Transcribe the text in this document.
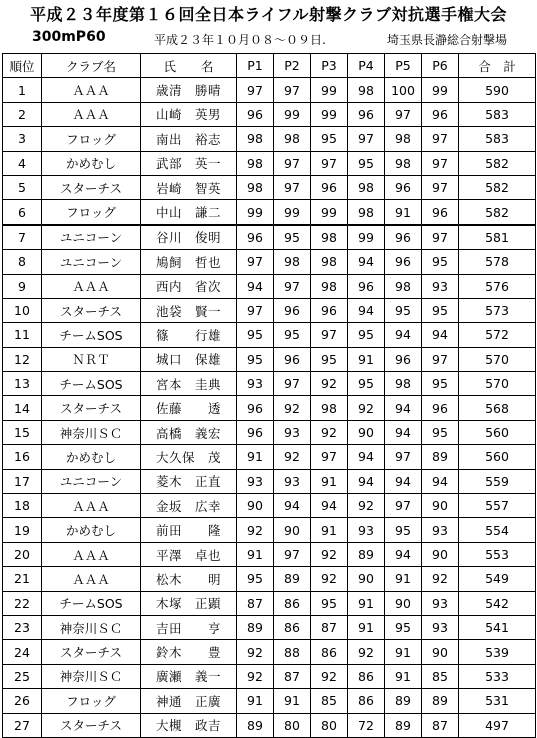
平成２３年度第１６回全日本ライフル射撃クラブ対抗選手権大会
300mP60	平成２３年１０月０８～０９日.	埼玉県長瀞総合射撃場
順位	クラブ名	氏　　名	P1	P2	P3	P4	P5	P6	合　計
1	ＡＡＡ	歳清　勝晴	97	97	99	98	100	99	590
2	ＡＡＡ	山崎　英男	96	99	99	96	97	96	583
3	フロッグ	南出　裕志	98	98	95	97	98	97	583
4	かめむし	武部　英一	98	97	97	95	98	97	582
5	スターチス	岩崎　智英	98	97	96	98	96	97	582
6	フロッグ	中山　謙二	99	99	99	98	91	96	582
7	ユニコーン	谷川　俊明	96	95	98	99	96	97	581
8	ユニコーン	鳩飼　哲也	97	98	98	94	96	95	578
9	ＡＡＡ	西内　省次	94	97	98	96	98	93	576
10	スターチス	池袋　賢一	97	96	96	94	95	95	573
11	チームSOS	篠　　行雄	95	95	97	95	94	94	572
12	ＮＲＴ	城口　保雄	95	96	95	91	96	97	570
13	チームSOS	宮本　圭典	93	97	92	95	98	95	570
14	スターチス	佐藤　　透	96	92	98	92	94	96	568
15	神奈川ＳＣ	高橋　義宏	96	93	92	90	94	95	560
16	かめむし	大久保　茂	91	92	97	94	97	89	560
17	ユニコーン	菱木　正直	93	93	91	94	94	94	559
18	ＡＡＡ	金坂　広幸	90	94	94	92	97	90	557
19	かめむし	前田　　隆	92	90	91	93	95	93	554
20	ＡＡＡ	平澤　卓也	91	97	92	89	94	90	553
21	ＡＡＡ	松木　　明	95	89	92	90	91	92	549
22	チームSOS	木塚　正顕	87	86	95	91	90	93	542
23	神奈川ＳＣ	吉田　　亨	89	86	87	91	95	93	541
24	スターチス	鈴木　　豊	92	88	86	92	91	90	539
25	神奈川ＳＣ	廣瀬　義一	92	87	92	86	91	85	533
26	フロッグ	神通　正廣	91	91	85	86	89	89	531
27	スターチス	大槻　政吉	89	80	80	72	89	87	497
